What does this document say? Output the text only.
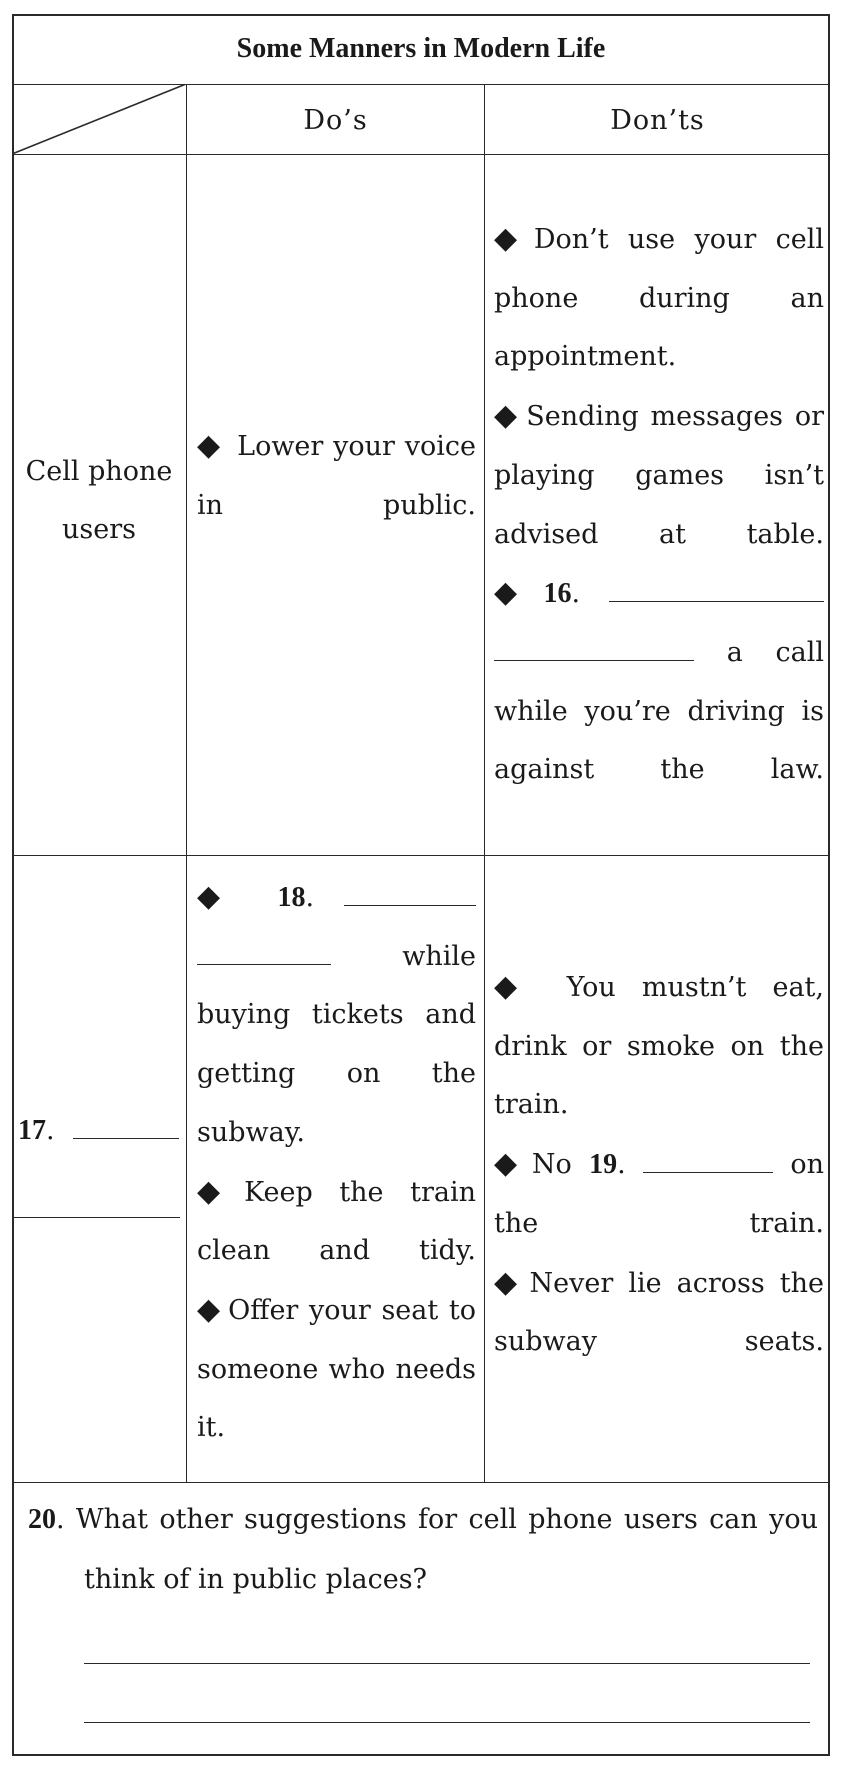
Some Manners in Modern Life
Do’s	Don’ts
Cell phone users
◆ Lower your voice in public.
◆ Don’t use your cell phone during an appointment.
◆ Sending messages or playing games isn’t advised at table.
◆ 16.   a call while you’re driving is against the law.
17.
◆ 18.   while buying tickets and getting on the subway.
◆ Keep the train clean and tidy.
◆ Offer your seat to someone who needs it.
◆ You mustn’t eat, drink or smoke on the train.
◆ No 19.	on the train.
◆ Never lie across the subway seats.
20. What other suggestions for cell phone users can you think of in public places?
